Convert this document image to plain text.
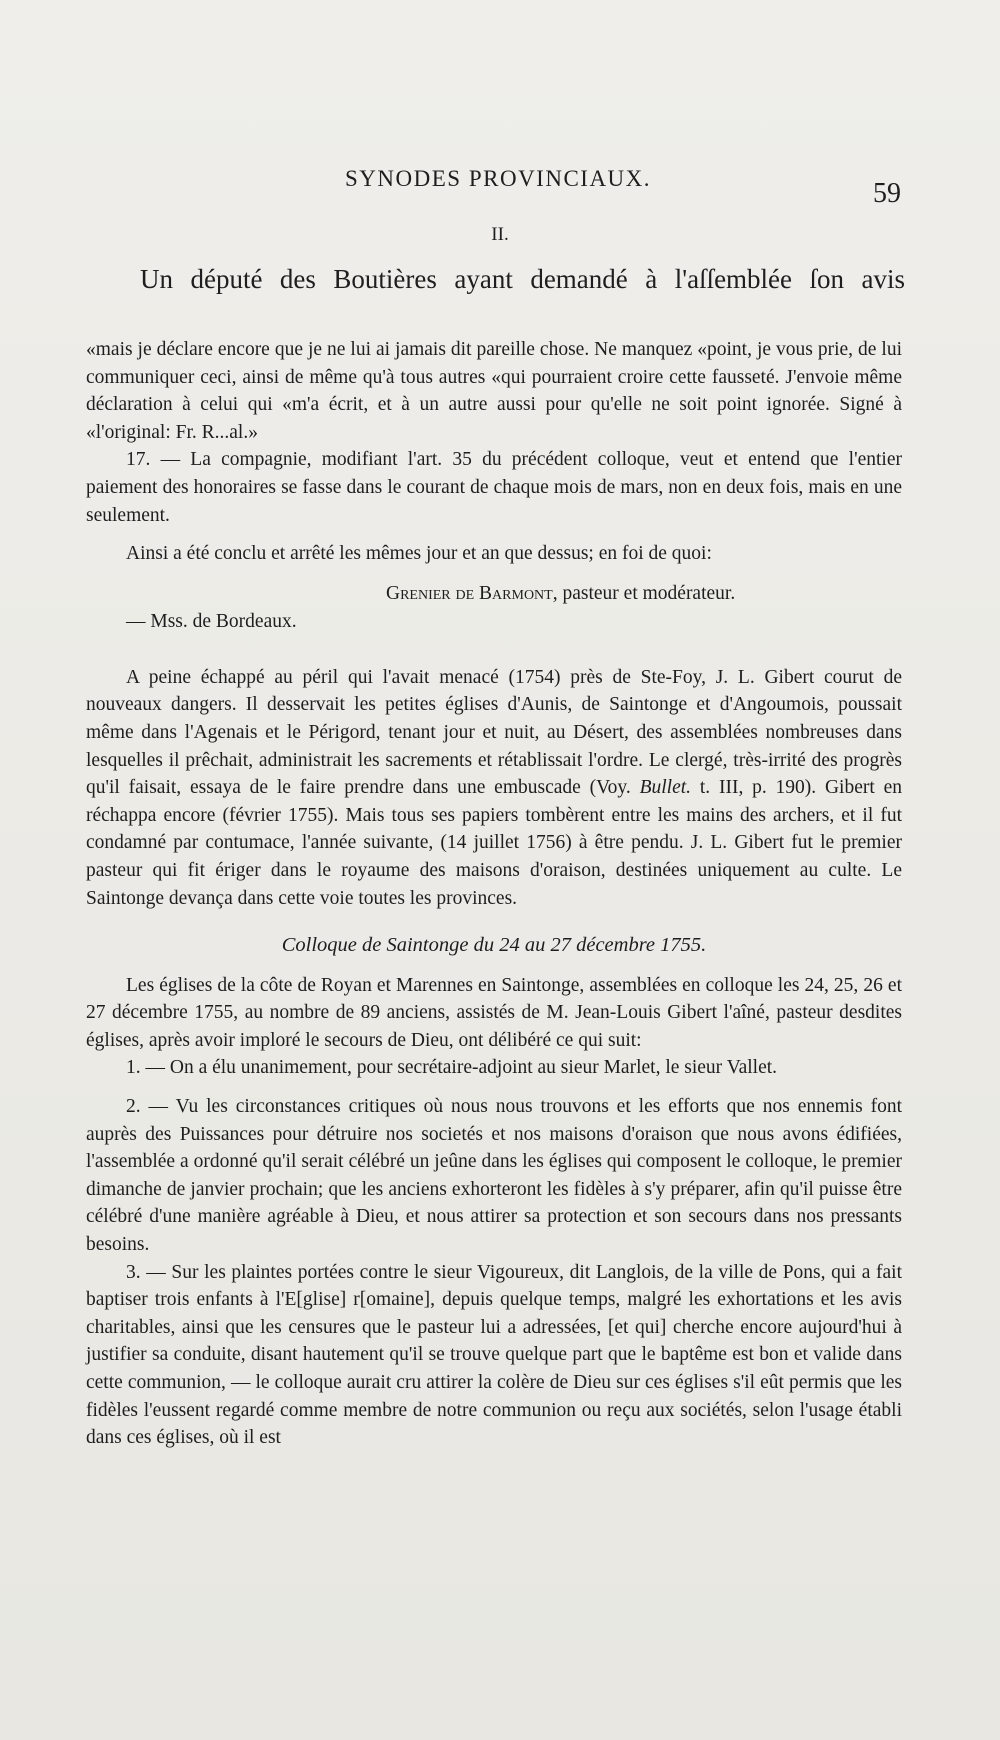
SYNODES PROVINCIAUX.	59
II.
Un député des Boutières ayant demandé à l'aſſemblée ſon avis

«mais je déclare encore que je ne lui ai jamais dit pareille chose. Ne manquez «point, je vous prie, de lui communiquer ceci, ainsi de même qu'à tous autres «qui pourraient croire cette fausseté. J'envoie même déclaration à celui qui «m'a écrit, et à un autre aussi pour qu'elle ne soit point ignorée. Signé à «l'original: Fr. R...al.»

17. — La compagnie, modifiant l'art. 35 du précédent colloque, veut et entend que l'entier paiement des honoraires se fasse dans le courant de chaque mois de mars, non en deux fois, mais en une seulement.

Ainsi a été conclu et arrêté les mêmes jour et an que dessus; en foi de quoi:

Grenier de Barmont, pasteur et modérateur.
— Mss. de Bordeaux.

A peine échappé au péril qui l'avait menacé (1754) près de Ste-Foy, J. L. Gibert courut de nouveaux dangers. Il desservait les petites églises d'Aunis, de Saintonge et d'Angoumois, poussait même dans l'Agenais et le Périgord, tenant jour et nuit, au Désert, des assemblées nombreuses dans lesquelles il prêchait, administrait les sacrements et rétablissait l'ordre. Le clergé, très-irrité des progrès qu'il faisait, essaya de le faire prendre dans une embuscade (Voy. Bullet. t. III, p. 190). Gibert en réchappa encore (février 1755). Mais tous ses papiers tombèrent entre les mains des archers, et il fut condamné par contumace, l'année suivante, (14 juillet 1756) à être pendu. J. L. Gibert fut le premier pasteur qui fit ériger dans le royaume des maisons d'oraison, destinées uniquement au culte. Le Saintonge devança dans cette voie toutes les provinces.

Colloque de Saintonge du 24 au 27 décembre 1755.

Les églises de la côte de Royan et Marennes en Saintonge, assemblées en colloque les 24, 25, 26 et 27 décembre 1755, au nombre de 89 anciens, assistés de M. Jean-Louis Gibert l'aîné, pasteur desdites églises, après avoir imploré le secours de Dieu, ont délibéré ce qui suit:

1. — On a élu unanimement, pour secrétaire-adjoint au sieur Marlet, le sieur Vallet.

2. — Vu les circonstances critiques où nous nous trouvons et les efforts que nos ennemis font auprès des Puissances pour détruire nos societés et nos maisons d'oraison que nous avons édifiées, l'assemblée a ordonné qu'il serait célébré un jeûne dans les églises qui composent le colloque, le premier dimanche de janvier prochain; que les anciens exhorteront les fidèles à s'y préparer, afin qu'il puisse être célébré d'une manière agréable à Dieu, et nous attirer sa protection et son secours dans nos pressants besoins.

3. — Sur les plaintes portées contre le sieur Vigoureux, dit Langlois, de la ville de Pons, qui a fait baptiser trois enfants à l'E[glise] r[omaine], depuis quelque temps, malgré les exhortations et les avis charitables, ainsi que les censures que le pasteur lui a adressées, [et qui] cherche encore aujourd'hui à justifier sa conduite, disant hautement qu'il se trouve quelque part que le baptême est bon et valide dans cette communion, — le colloque aurait cru attirer la colère de Dieu sur ces églises s'il eût permis que les fidèles l'eussent regardé comme membre de notre communion ou reçu aux sociétés, selon l'usage établi dans ces églises, où il est
